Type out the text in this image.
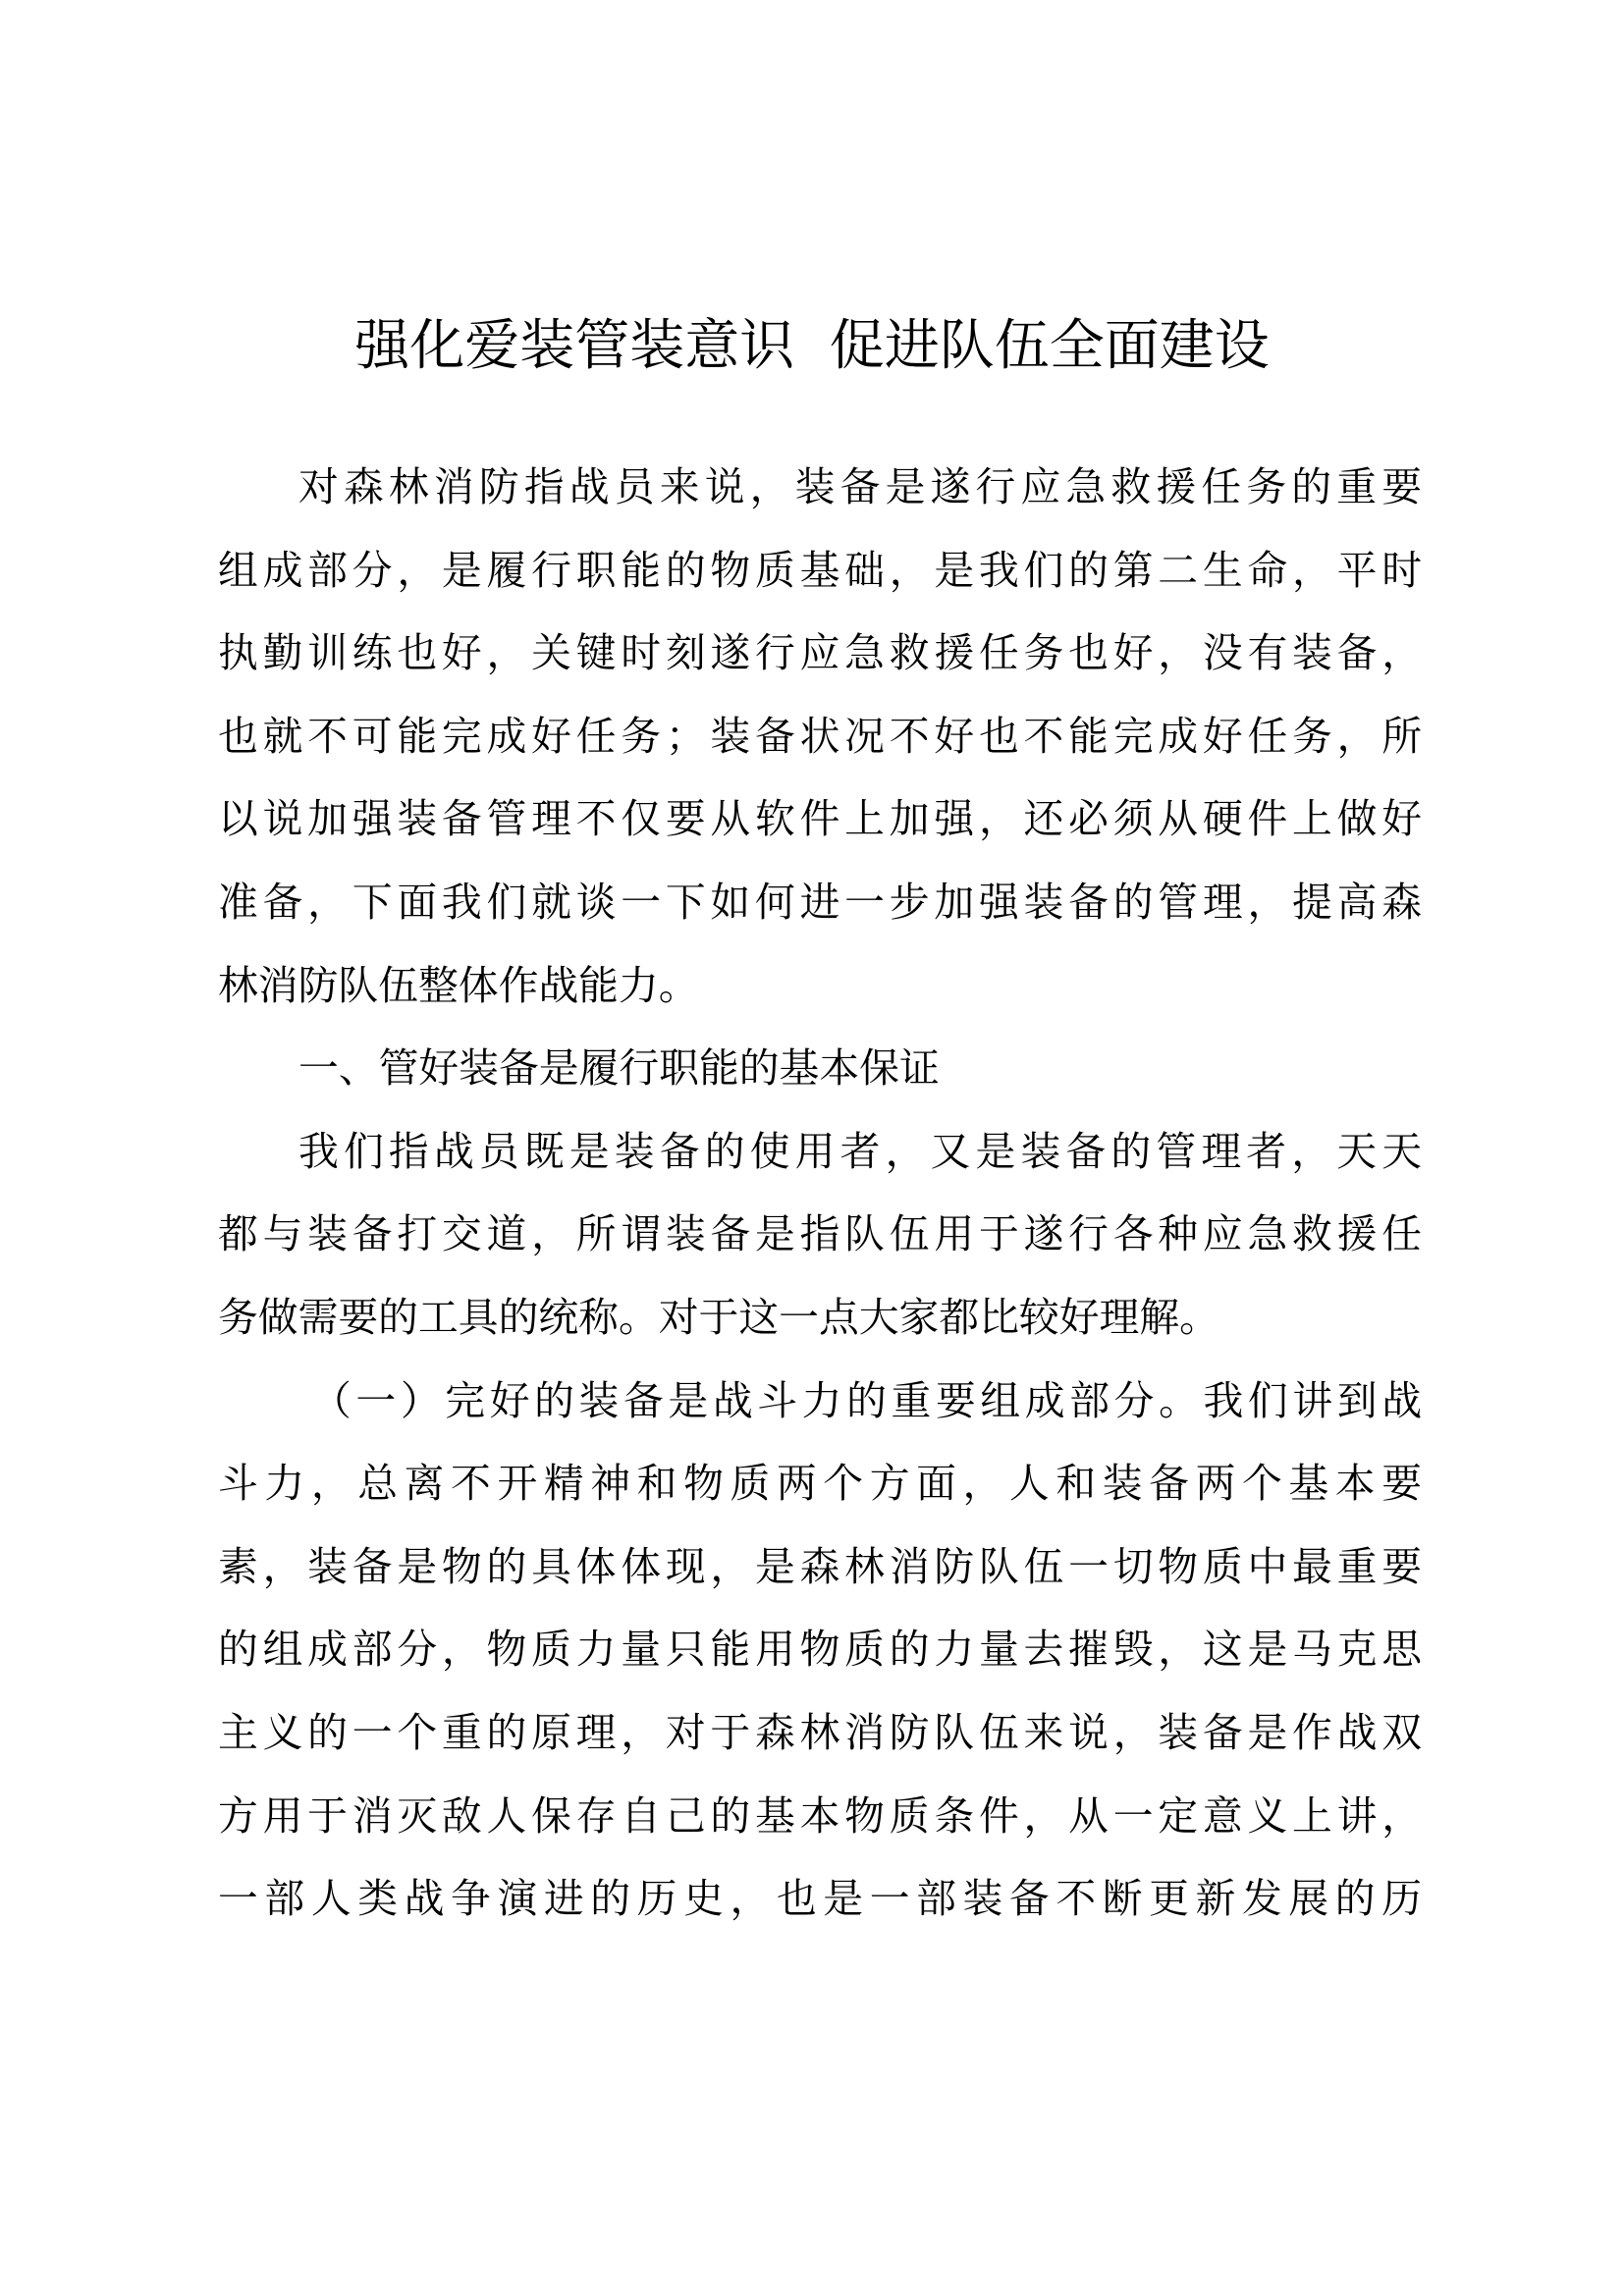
强化爱装管装意识  促进队伍全面建设
对森林消防指战员来说，装备是遂行应急救援任务的重要
组成部分，是履行职能的物质基础，是我们的第二生命，平时
执勤训练也好，关键时刻遂行应急救援任务也好，没有装备，
也就不可能完成好任务；装备状况不好也不能完成好任务，所
以说加强装备管理不仅要从软件上加强，还必须从硬件上做好
准备，下面我们就谈一下如何进一步加强装备的管理，提高森
林消防队伍整体作战能力。
一、管好装备是履行职能的基本保证
我们指战员既是装备的使用者，又是装备的管理者，天天
都与装备打交道，所谓装备是指队伍用于遂行各种应急救援任
务做需要的工具的统称。对于这一点大家都比较好理解。
（一）完好的装备是战斗力的重要组成部分。我们讲到战
斗力，总离不开精神和物质两个方面，人和装备两个基本要
素，装备是物的具体体现，是森林消防队伍一切物质中最重要
的组成部分，物质力量只能用物质的力量去摧毁，这是马克思
主义的一个重的原理，对于森林消防队伍来说，装备是作战双
方用于消灭敌人保存自己的基本物质条件，从一定意义上讲，
一部人类战争演进的历史，也是一部装备不断更新发展的历
